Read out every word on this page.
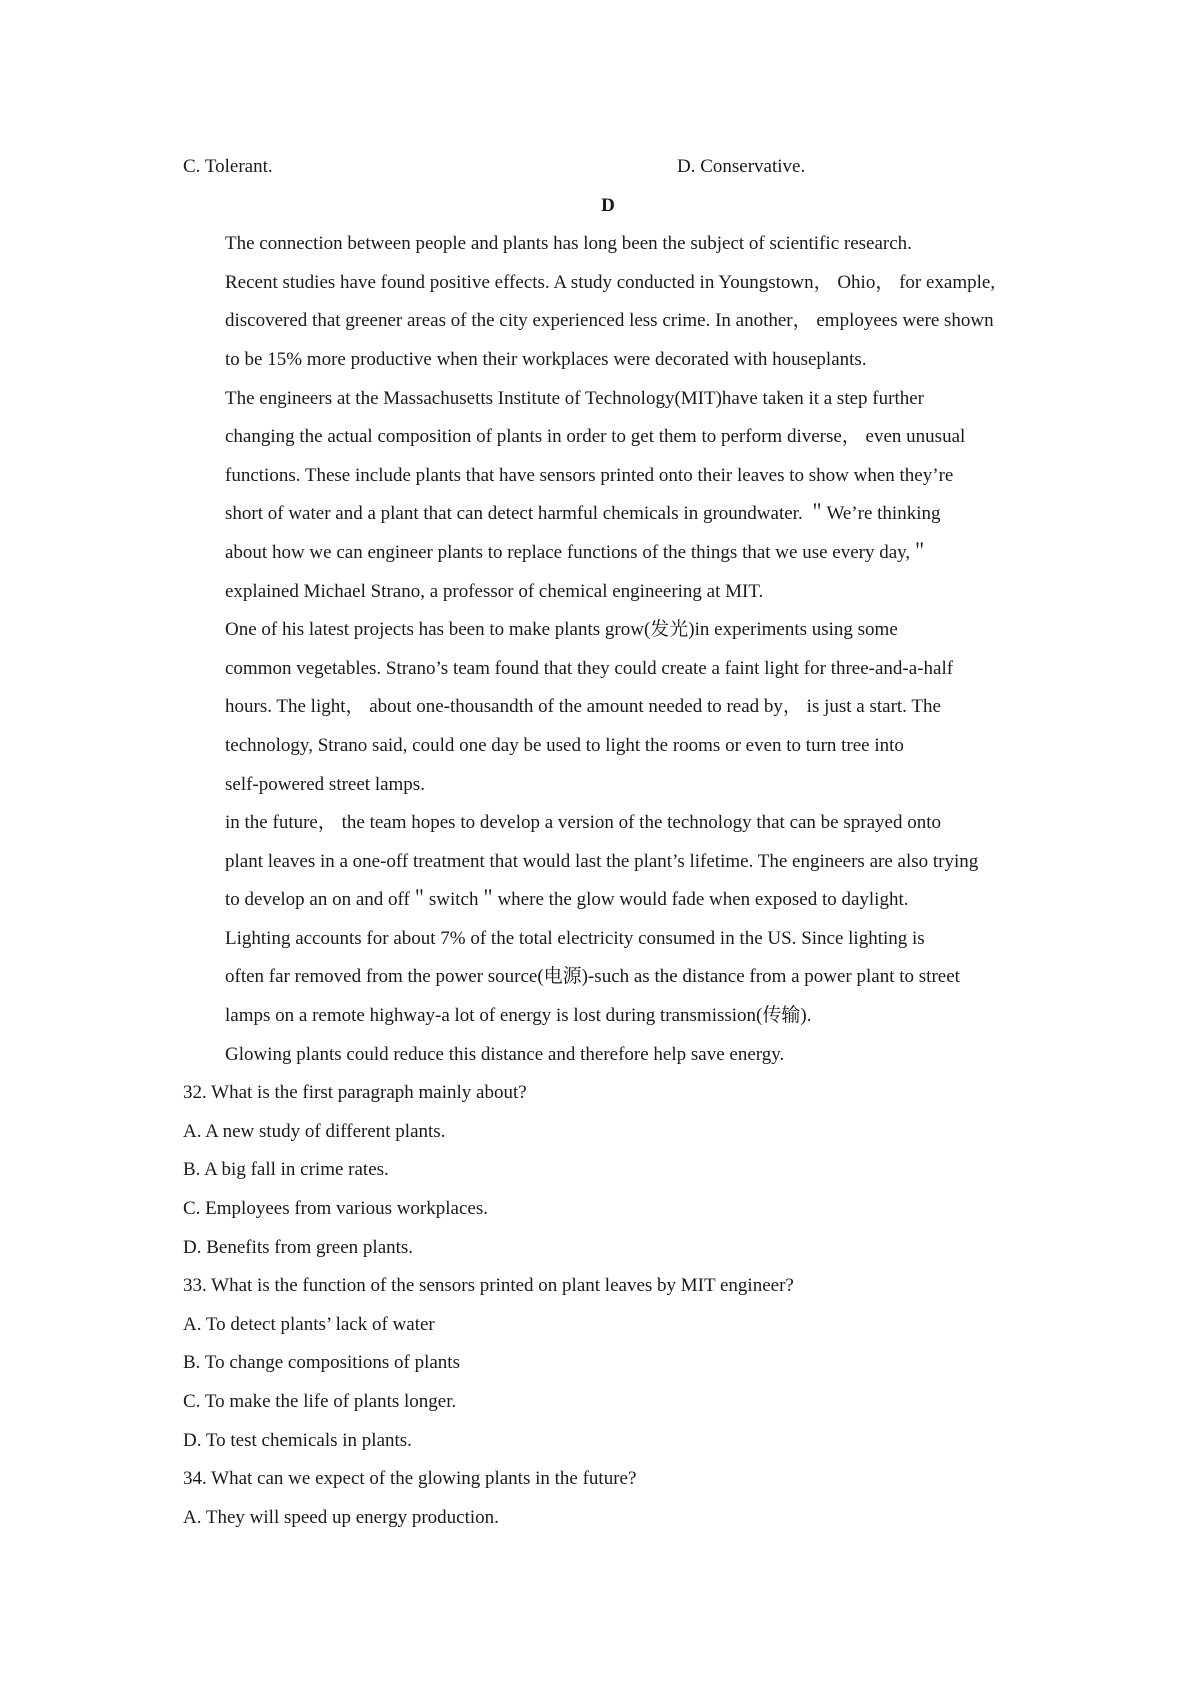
C. Tolerant.	D. Conservative.
D

The connection between people and plants has long been the subject of scientific research.
Recent studies have found positive effects. A study conducted in Youngstown， Ohio， for example,
discovered that greener areas of the city experienced less crime. In another， employees were shown
to be 15% more productive when their workplaces were decorated with houseplants.

The engineers at the Massachusetts Institute of Technology(MIT)have taken it a step further
changing the actual composition of plants in order to get them to perform diverse， even unusual
functions. These include plants that have sensors printed onto their leaves to show when they’re
short of water and a plant that can detect harmful chemicals in groundwater. ＂We’re thinking
about how we can engineer plants to replace functions of the things that we use every day,＂
explained Michael Strano, a professor of chemical engineering at MIT.

One of his latest projects has been to make plants grow(发光)in experiments using some
common vegetables. Strano’s team found that they could create a faint light for three-and-a-half
hours. The light， about one-thousandth of the amount needed to read by， is just a start. The
technology, Strano said, could one day be used to light the rooms or even to turn tree into
self-powered street lamps.

in the future， the team hopes to develop a version of the technology that can be sprayed onto
plant leaves in a one-off treatment that would last the plant’s lifetime. The engineers are also trying
to develop an on and off＂switch＂where the glow would fade when exposed to daylight.

Lighting accounts for about 7% of the total electricity consumed in the US. Since lighting is
often far removed from the power source(电源)-such as the distance from a power plant to street
lamps on a remote highway-a lot of energy is lost during transmission(传输).

Glowing plants could reduce this distance and therefore help save energy.

32. What is the first paragraph mainly about?
A. A new study of different plants.
B. A big fall in crime rates.
C. Employees from various workplaces.
D. Benefits from green plants.
33. What is the function of the sensors printed on plant leaves by MIT engineer?
A. To detect plants’ lack of water
B. To change compositions of plants
C. To make the life of plants longer.
D. To test chemicals in plants.
34. What can we expect of the glowing plants in the future?
A. They will speed up energy production.
